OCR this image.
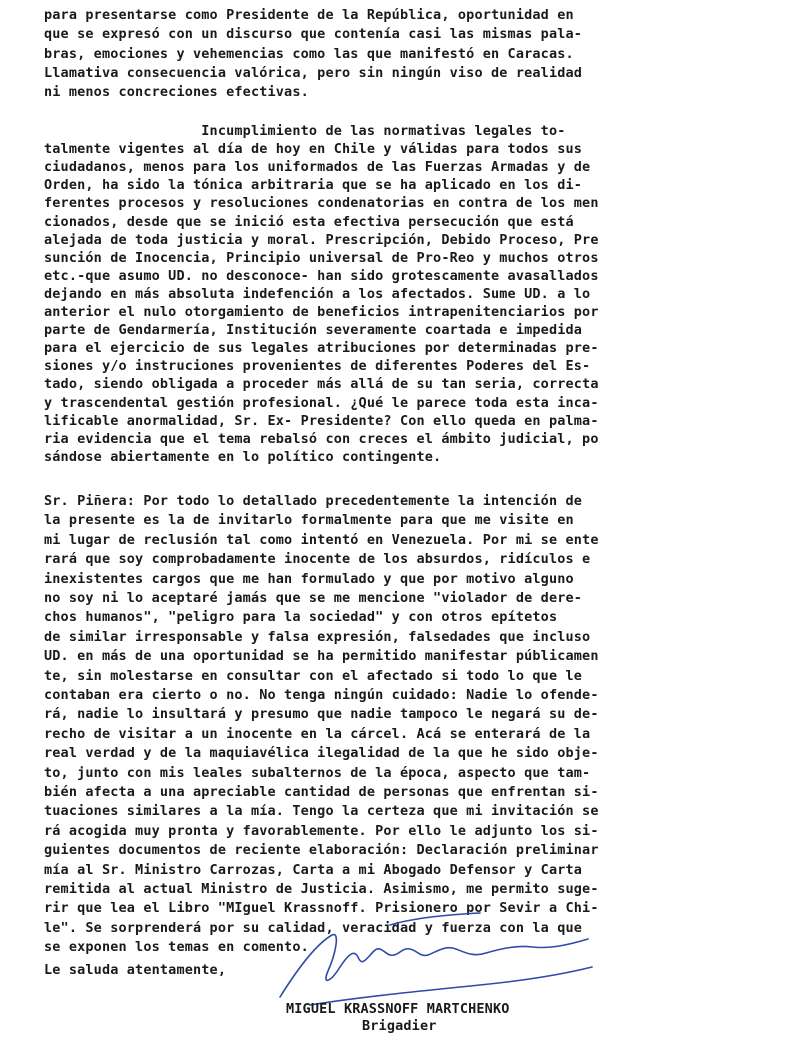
para presentarse como Presidente de la República, oportunidad en
que se expresó con un discurso que contenía casi las mismas pala-
bras, emociones y vehemencias como las que manifestó en Caracas.
Llamativa consecuencia valórica, pero sin ningún viso de realidad
ni menos concreciones efectivas.
Incumplimiento de las normativas legales to-
talmente vigentes al día de hoy en Chile y válidas para todos sus
ciudadanos, menos para los uniformados de las Fuerzas Armadas y de
Orden, ha sido la tónica arbitraria que se ha aplicado en los di-
ferentes procesos y resoluciones condenatorias en contra de los men
cionados, desde que se inició esta efectiva persecución que está
alejada de toda justicia y moral. Prescripción, Debido Proceso, Pre
sunción de Inocencia, Principio universal de Pro-Reo y muchos otros
etc.-que asumo UD. no desconoce- han sido grotescamente avasallados
dejando en más absoluta indefención a los afectados. Sume UD. a lo
anterior el nulo otorgamiento de beneficios intrapenitenciarios por
parte de Gendarmería, Institución severamente coartada e impedida
para el ejercicio de sus legales atribuciones por determinadas pre-
siones y/o instruciones provenientes de diferentes Poderes del Es-
tado, siendo obligada a proceder más allá de su tan seria, correcta
y trascendental gestión profesional. ¿Qué le parece toda esta inca-
lificable anormalidad, Sr. Ex- Presidente? Con ello queda en palma-
ria evidencia que el tema rebalsó con creces el ámbito judicial, po
sándose abiertamente en lo político contingente.
Sr. Piñera: Por todo lo detallado precedentemente la intención de
la presente es la de invitarlo formalmente para que me visite en
mi lugar de reclusión tal como intentó en Venezuela. Por mi se ente
rará que soy comprobadamente inocente de los absurdos, ridículos e
inexistentes cargos que me han formulado y que por motivo alguno
no soy ni lo aceptaré jamás que se me mencione "violador de dere-
chos humanos", "peligro para la sociedad" y con otros epítetos
de similar irresponsable y falsa expresión, falsedades que incluso
UD. en más de una oportunidad se ha permitido manifestar públicamen
te, sin molestarse en consultar con el afectado si todo lo que le
contaban era cierto o no. No tenga ningún cuidado: Nadie lo ofende-
rá, nadie lo insultará y presumo que nadie tampoco le negará su de-
recho de visitar a un inocente en la cárcel. Acá se enterará de la
real verdad y de la maquiavélica ilegalidad de la que he sido obje-
to, junto con mis leales subalternos de la época, aspecto que tam-
bién afecta a una apreciable cantidad de personas que enfrentan si-
tuaciones similares a la mía. Tengo la certeza que mi invitación se
rá acogida muy pronta y favorablemente. Por ello le adjunto los si-
guientes documentos de reciente elaboración: Declaración preliminar
mía al Sr. Ministro Carrozas, Carta a mi Abogado Defensor y Carta
remitida al actual Ministro de Justicia. Asimismo, me permito suge-
rir que lea el Libro "MIguel Krassnoff. Prisionero por Sevir a Chi-
le". Se sorprenderá por su calidad, veracidad y fuerza con la que
se exponen los temas en comento.
Le saluda atentamente,
MIGUEL KRASSNOFF MARTCHENKO
Brigadier
